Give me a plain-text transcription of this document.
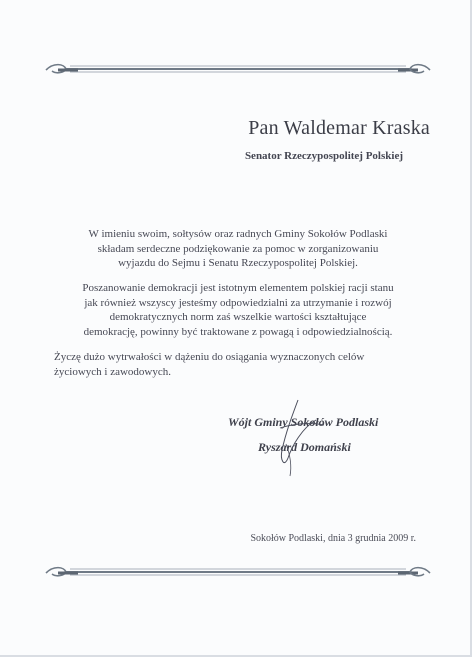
Pan Waldemar Kraska
Senator Rzeczypospolitej Polskiej

W imieniu swoim, sołtysów oraz radnych Gminy Sokołów Podlaski
składam serdeczne podziękowanie za pomoc w zorganizowaniu
wyjazdu do Sejmu i Senatu Rzeczypospolitej Polskiej.

Poszanowanie demokracji jest istotnym elementem polskiej racji stanu
jak również wszyscy jesteśmy odpowiedzialni za utrzymanie i rozwój
demokratycznych norm zaś wszelkie wartości kształtujące
demokrację, powinny być traktowane z powagą i odpowiedzialnością.

Życzę dużo wytrwałości w dążeniu do osiągania wyznaczonych celów
życiowych i zawodowych.

Wójt Gminy Sokołów Podlaski
Ryszard Domański
Sokołów Podlaski, dnia 3 grudnia 2009 r.
